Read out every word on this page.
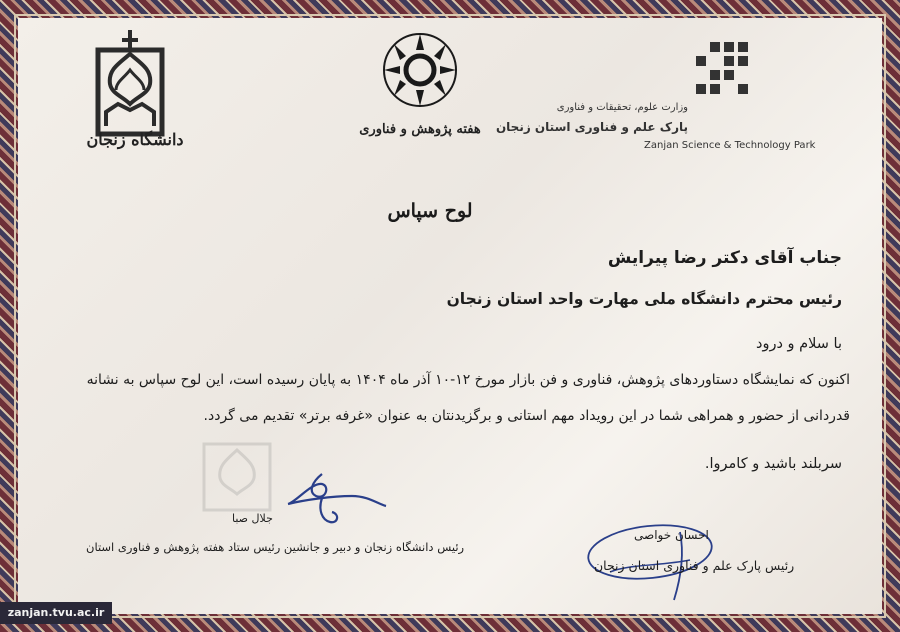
دانشگاه زنجان
هفته پژوهش و فناوری
وزارت علوم، تحقیقات و فناوری
پارک علم و فناوری استان زنجان
Zanjan Science & Technology Park
لوح سپاس
جناب آقای دکتر رضا پیرایش
رئیس محترم دانشگاه ملی مهارت واحد استان زنجان
با سلام و درود
اکنون که نمایشگاه دستاوردهای پژوهش، فناوری و فن بازار مورخ ۱۲-۱۰ آذر ماه ۱۴۰۴ به پایان رسیده است، این لوح سپاس به نشانه
قدردانی از حضور و همراهی شما در این رویداد مهم استانی و برگزیدنتان به عنوان «غرفه برتر» تقدیم می گردد.
سربلند باشید و کامروا.
جلال صبا
رئیس دانشگاه زنجان و دبیر و جانشین رئیس ستاد هفته پژوهش و فناوری استان
احسان خواصی
رئیس پارک علم و فناوری استان زنجان
zanjan.tvu.ac.ir
